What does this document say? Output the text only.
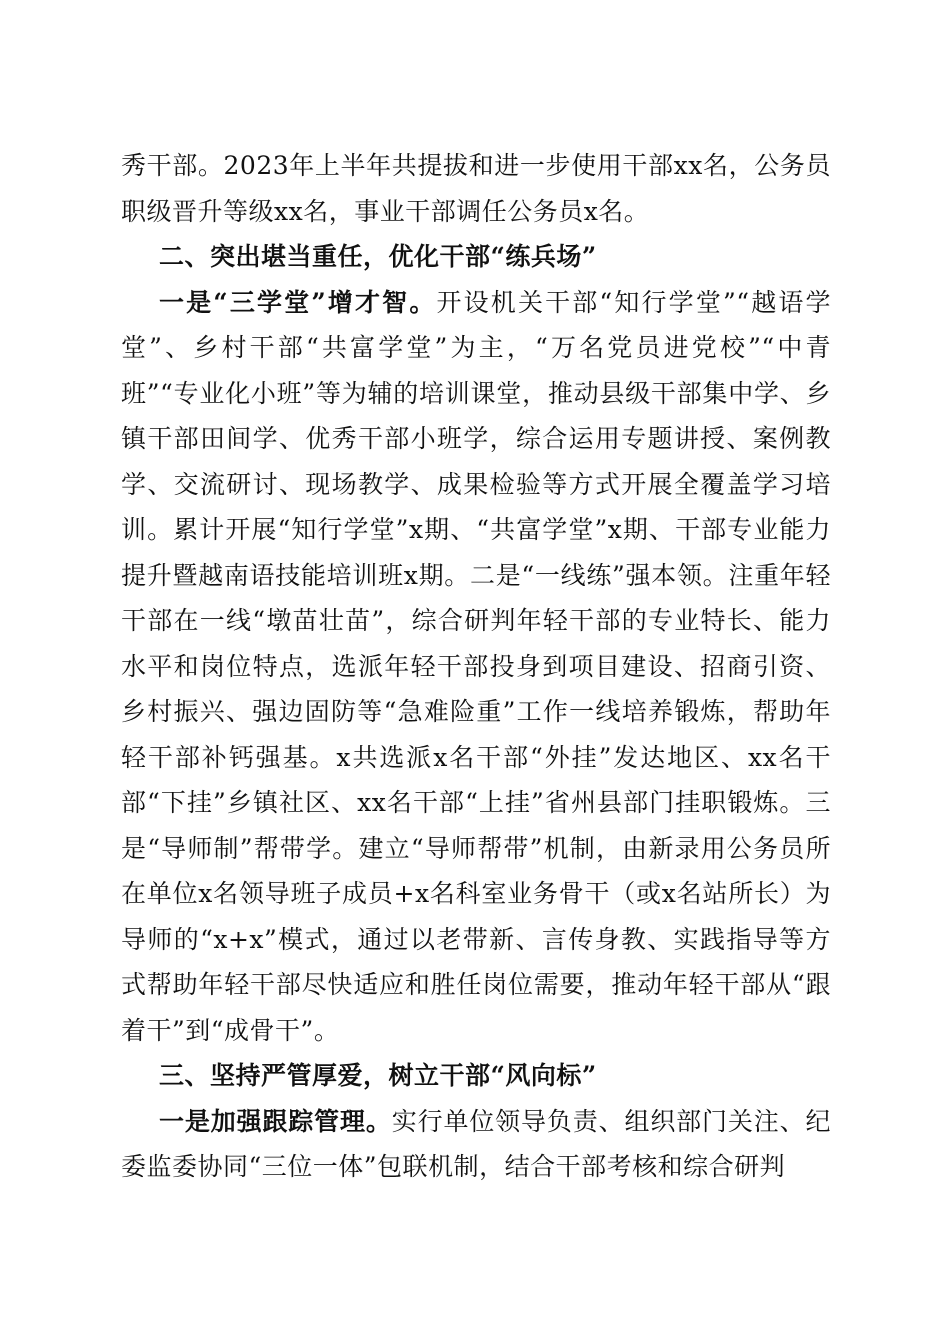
秀干部。2023年上半年共提拔和进一步使用干部xx名，公务员职级晋升等级xx名，事业干部调任公务员x名。

二、突出堪当重任，优化干部“练兵场”

一是“三学堂”增才智。开设机关干部“知行学堂”“越语学堂”、乡村干部“共富学堂”为主，“万名党员进党校”“中青班”“专业化小班”等为辅的培训课堂，推动县级干部集中学、乡镇干部田间学、优秀干部小班学，综合运用专题讲授、案例教学、交流研讨、现场教学、成果检验等方式开展全覆盖学习培训。累计开展“知行学堂”x期、“共富学堂”x期、干部专业能力提升暨越南语技能培训班x期。二是“一线练”强本领。注重年轻干部在一线“墩苗壮苗”，综合研判年轻干部的专业特长、能力水平和岗位特点，选派年轻干部投身到项目建设、招商引资、乡村振兴、强边固防等“急难险重”工作一线培养锻炼，帮助年轻干部补钙强基。x共选派x名干部“外挂”发达地区、xx名干部“下挂”乡镇社区、xx名干部“上挂”省州县部门挂职锻炼。三是“导师制”帮带学。建立“导师帮带”机制，由新录用公务员所在单位x名领导班子成员+x名科室业务骨干（或x名站所长）为导师的“x+x”模式，通过以老带新、言传身教、实践指导等方式帮助年轻干部尽快适应和胜任岗位需要，推动年轻干部从“跟着干”到“成骨干”。

三、坚持严管厚爱，树立干部“风向标”

一是加强跟踪管理。实行单位领导负责、组织部门关注、纪委监委协同“三位一体”包联机制，结合干部考核和综合研判
